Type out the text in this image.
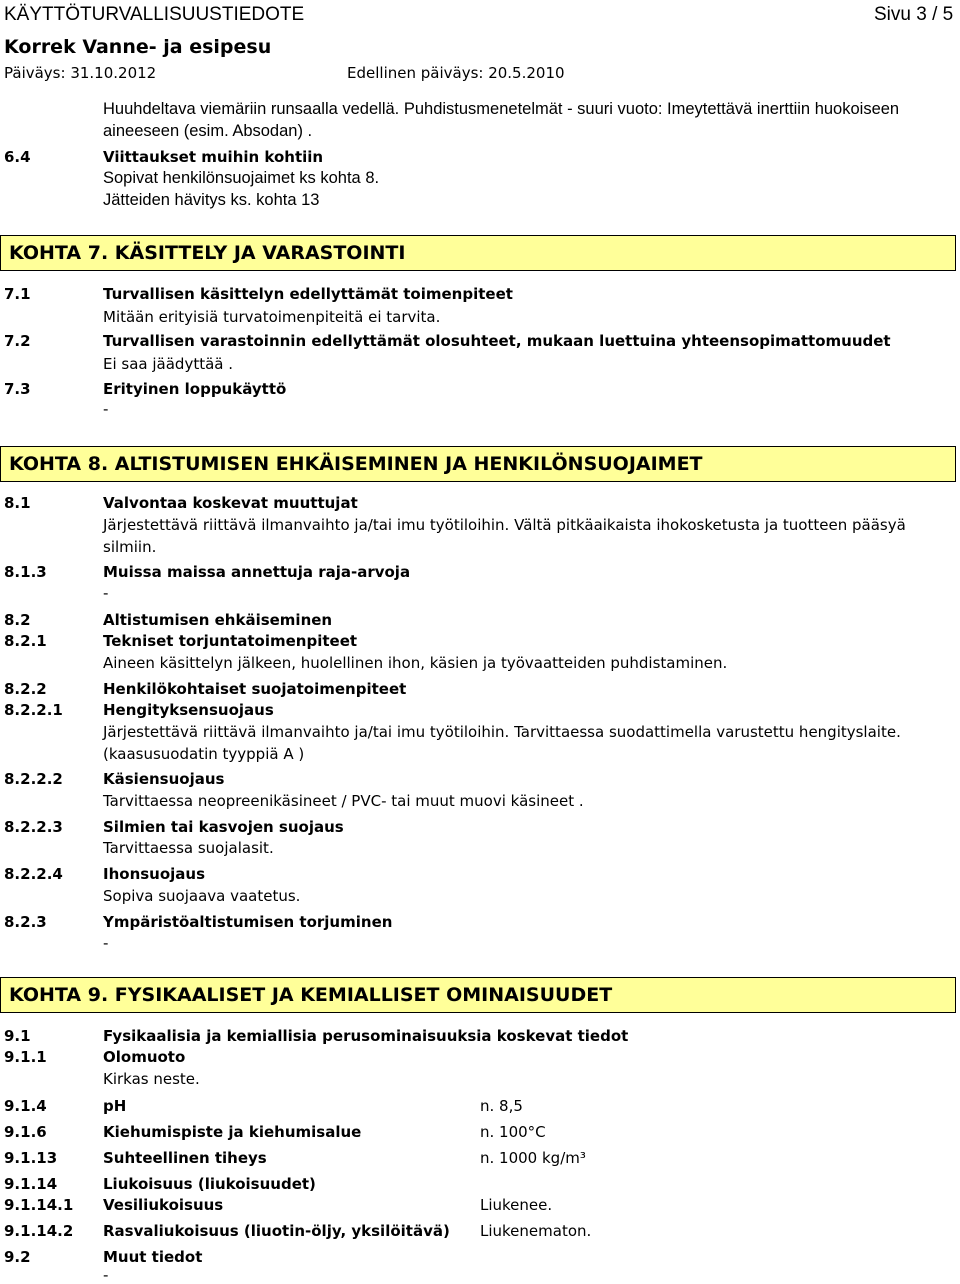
KÄYTTÖTURVALLISUUSTIEDOTE	Sivu 3 / 5
Korrek Vanne- ja esipesu
Päiväys: 31.10.2012	Edellinen päiväys: 20.5.2010
Huuhdeltava viemäriin runsaalla vedellä. Puhdistusmenetelmät - suuri vuoto: Imeytettävä inerttiin huokoiseen
aineeseen (esim. Absodan) .
6.4	Viittaukset muihin kohtiin
Sopivat henkilönsuojaimet ks kohta 8.
Jätteiden hävitys ks. kohta 13
KOHTA 7. KÄSITTELY JA VARASTOINTI
7.1	Turvallisen käsittelyn edellyttämät toimenpiteet
Mitään erityisiä turvatoimenpiteitä ei tarvita.
7.2	Turvallisen varastoinnin edellyttämät olosuhteet, mukaan luettuina yhteensopimattomuudet
Ei saa jäädyttää .
7.3	Erityinen loppukäyttö
-
KOHTA 8. ALTISTUMISEN EHKÄISEMINEN JA HENKILÖNSUOJAIMET
8.1	Valvontaa koskevat muuttujat
Järjestettävä riittävä ilmanvaihto ja/tai imu työtiloihin. Vältä pitkäaikaista ihokosketusta ja tuotteen pääsyä
silmiin.
8.1.3	Muissa maissa annettuja raja-arvoja
-
8.2	Altistumisen ehkäiseminen
8.2.1	Tekniset torjuntatoimenpiteet
Aineen käsittelyn jälkeen, huolellinen ihon, käsien ja työvaatteiden puhdistaminen.
8.2.2	Henkilökohtaiset suojatoimenpiteet
8.2.2.1	Hengityksensuojaus
Järjestettävä riittävä ilmanvaihto ja/tai imu työtiloihin. Tarvittaessa suodattimella varustettu hengityslaite.
(kaasusuodatin tyyppiä A )
8.2.2.2	Käsiensuojaus
Tarvittaessa neopreenikäsineet / PVC- tai muut muovi käsineet .
8.2.2.3	Silmien tai kasvojen suojaus
Tarvittaessa suojalasit.
8.2.2.4	Ihonsuojaus
Sopiva suojaava vaatetus.
8.2.3	Ympäristöaltistumisen torjuminen
-
KOHTA 9. FYSIKAALISET JA KEMIALLISET OMINAISUUDET
9.1	Fysikaalisia ja kemiallisia perusominaisuuksia koskevat tiedot
9.1.1	Olomuoto
Kirkas neste.
9.1.4	pH	n. 8,5
9.1.6	Kiehumispiste ja kiehumisalue	n. 100°C
9.1.13	Suhteellinen tiheys	n. 1000 kg/m³
9.1.14	Liukoisuus (liukoisuudet)
9.1.14.1 Vesiliukoisuus	Liukenee.
9.1.14.2 Rasvaliukoisuus (liuotin-öljy, yksilöitävä) Liukenematon.
9.2	Muut tiedot
-
